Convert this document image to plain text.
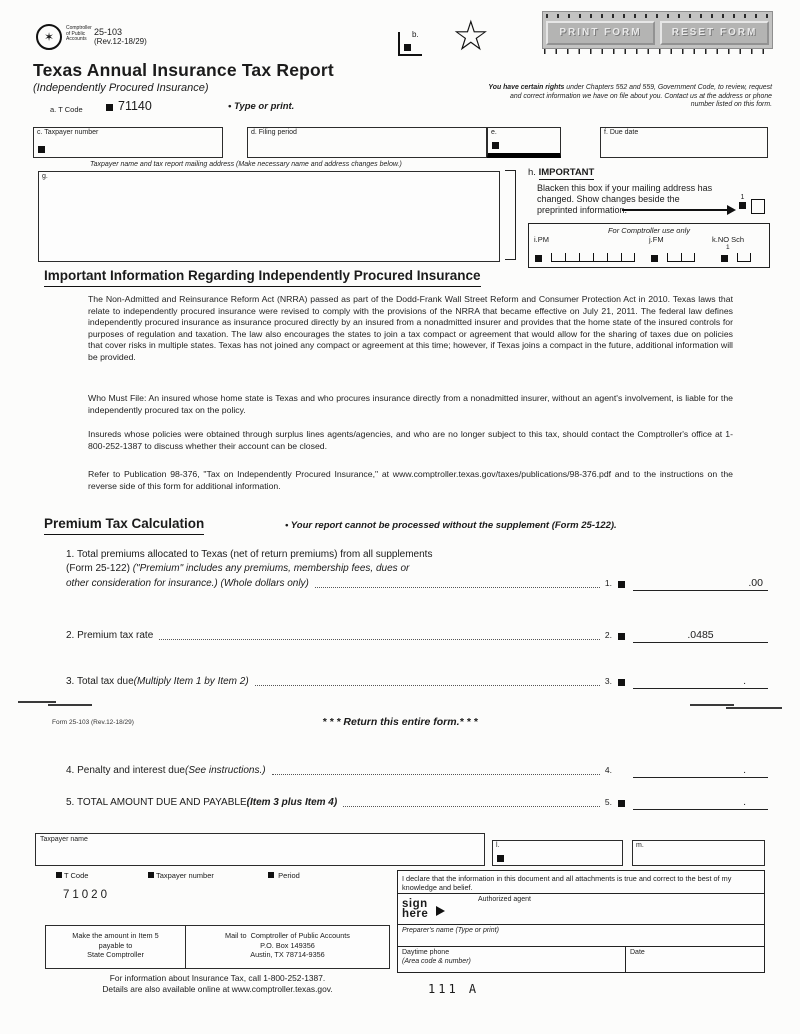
✶
Comptroller of Public Accounts
25-103
(Rev.12-18/29)
b. ☆	PRINT FORM	RESET FORM
Texas Annual Insurance Tax Report
(Independently Procured Insurance)
a. T Code	71140	• Type or print.
You have certain rights under Chapters 552 and 559, Government Code, to review, request and correct information we have on file about you. Contact us at the address or phone number listed on this form.
c. Taxpayer number	d. Filing period	e.	f. Due date
Taxpayer name and tax report mailing address (Make necessary name and address changes below.)
g.	h. IMPORTANT
Blacken this box if your mailing address has changed. Show changes beside the preprinted information.
1
For Comptroller use only
i.PM	j.FM	k.NO Sch
1
Important Information Regarding Independently Procured Insurance
The Non-Admitted and Reinsurance Reform Act (NRRA) passed as part of the Dodd-Frank Wall Street Reform and Consumer Protection Act in 2010. Texas laws that relate to independently procured insurance were revised to comply with the provisions of the NRRA that became effective on July 21, 2011. The federal law defines independently procured insurance as insurance procured directly by an insured from a nonadmitted insurer and provides that the home state of the insured controls for purposes of regulation and taxation. The law also encourages the states to join a tax compact or agreement that would allow for the sharing of taxes due on policies that cover risks in multiple states. Texas has not joined any compact or agreement at this time; however, if Texas joins a compact in the future, additional information will be provided.
Who Must File: An insured whose home state is Texas and who procures insurance directly from a nonadmitted insurer, without an agent's involvement, is liable for the independently procured tax on the policy.
Insureds whose policies were obtained through surplus lines agents/agencies, and who are no longer subject to this tax, should contact the Comptroller's office at 1-800-252-1387 to discuss whether their account can be closed.
Refer to Publication 98-376, "Tax on Independently Procured Insurance," at www.comptroller.texas.gov/taxes/publications/98-376.pdf and to the instructions on the reverse side of this form for additional information.
Premium Tax Calculation	• Your report cannot be processed without the supplement (Form 25-122).
1. Total premiums allocated to Texas (net of return premiums) from all supplements
(Form 25-122) ("Premium" includes any premiums, membership fees, dues or
other consideration for insurance.) (Whole dollars only)	1.	.00
2. Premium tax rate	2.	.0485
3. Total tax due (Multiply Item 1 by Item 2)	3.	.
Form 25-103 (Rev.12-18/29)	* * * Return this entire form.* * *
4. Penalty and interest due (See instructions.)	4.	.
5. TOTAL AMOUNT DUE AND PAYABLE (Item 3 plus Item 4)	5.	.
Taxpayer name
l.	m.
T Code	Taxpayer number	Period
71020
I declare that the information in this document and all attachments is true and correct to the best of my knowledge and belief.
sign here
Authorized agent
Preparer's name (Type or print)
Daytime phone
(Area code & number)
Date
Make the amount in Item 5
payable to
State Comptroller
Mail to Comptroller of Public Accounts
P.O. Box 149356
Austin, TX 78714-9356
For information about Insurance Tax, call 1-800-252-1387.
Details are also available online at www.comptroller.texas.gov.	111 A
